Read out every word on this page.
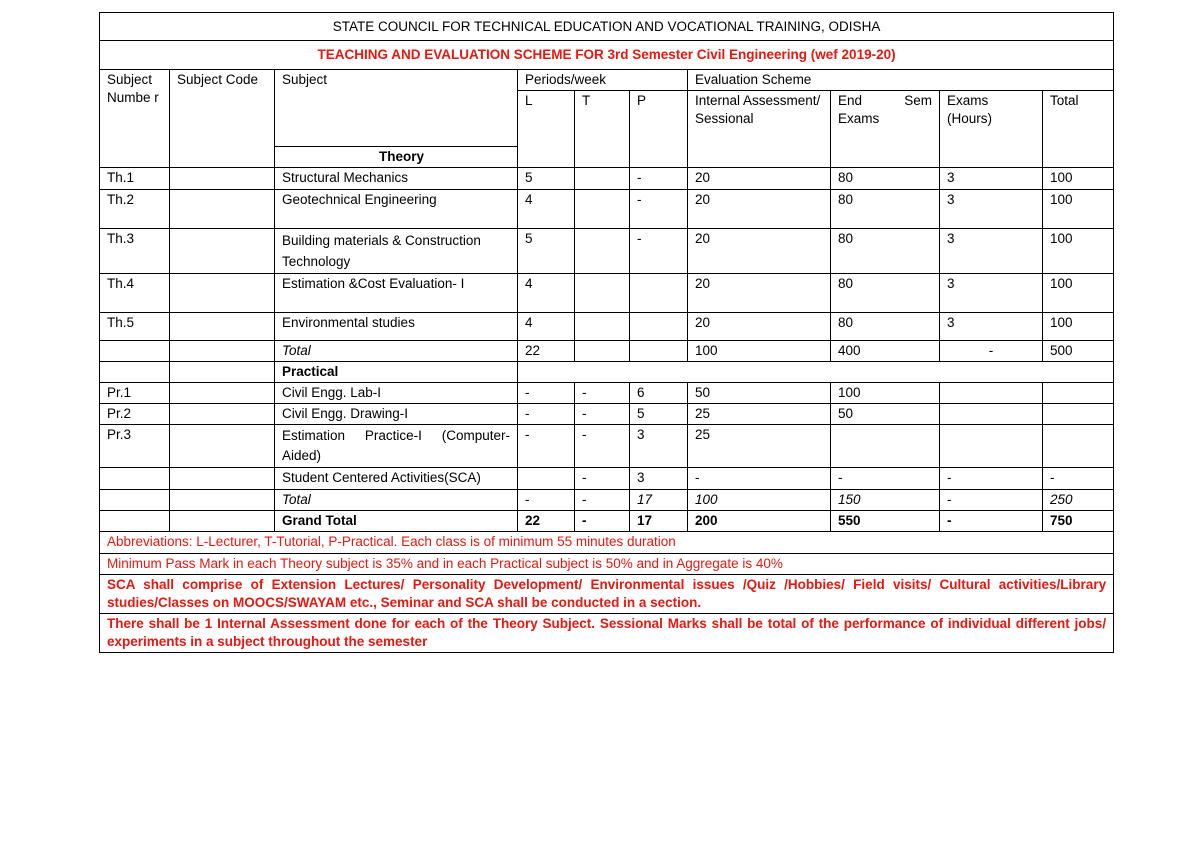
STATE COUNCIL FOR TECHNICAL EDUCATION AND VOCATIONAL TRAINING, ODISHA									
TEACHING AND EVALUATION SCHEME FOR 3rd Semester Civil Engineering (wef 2019-20)									
Subject Numbe r	Subject Code	Subject	Periods/week			Evaluation Scheme			
			L	T	P	Internal Assessment/ Sessional	End Sem Exams	Exams (Hours)	Total
		Theory							
Th.1		Structural Mechanics	5		-	20	80	3	100
Th.2		Geotechnical Engineering	4		-	20	80	3	100
Th.3		Building materials & Construction Technology	5		-	20	80	3	100
Th.4		Estimation &Cost Evaluation- I	4			20	80	3	100
Th.5		Environmental studies	4			20	80	3	100
		Total	22			100	400	-	500
		Practical							
Pr.1		Civil Engg. Lab-I	-	-	6	50	100		
Pr.2		Civil Engg. Drawing-I	-	-	5	25	50		
Pr.3		Estimation Practice-I (Computer-Aided)	-	-	3	25			
		Student Centered Activities(SCA)		-	3	-	-	-	-
		Total	-	-	17	100	150	-	250
		Grand Total	22	-	17	200	550	-	750
Abbreviations: L-Lecturer, T-Tutorial, P-Practical. Each class is of minimum 55 minutes duration									
Minimum Pass Mark in each Theory subject is 35% and in each Practical subject is 50% and in Aggregate is 40%									
SCA shall comprise of Extension Lectures/ Personality Development/ Environmental issues /Quiz /Hobbies/ Field visits/ Cultural activities/Library studies/Classes on MOOCS/SWAYAM etc., Seminar and SCA shall be conducted in a section.									
There shall be 1 Internal Assessment done for each of the Theory Subject. Sessional Marks shall be total of the performance of individual different jobs/ experiments in a subject throughout the semester									
